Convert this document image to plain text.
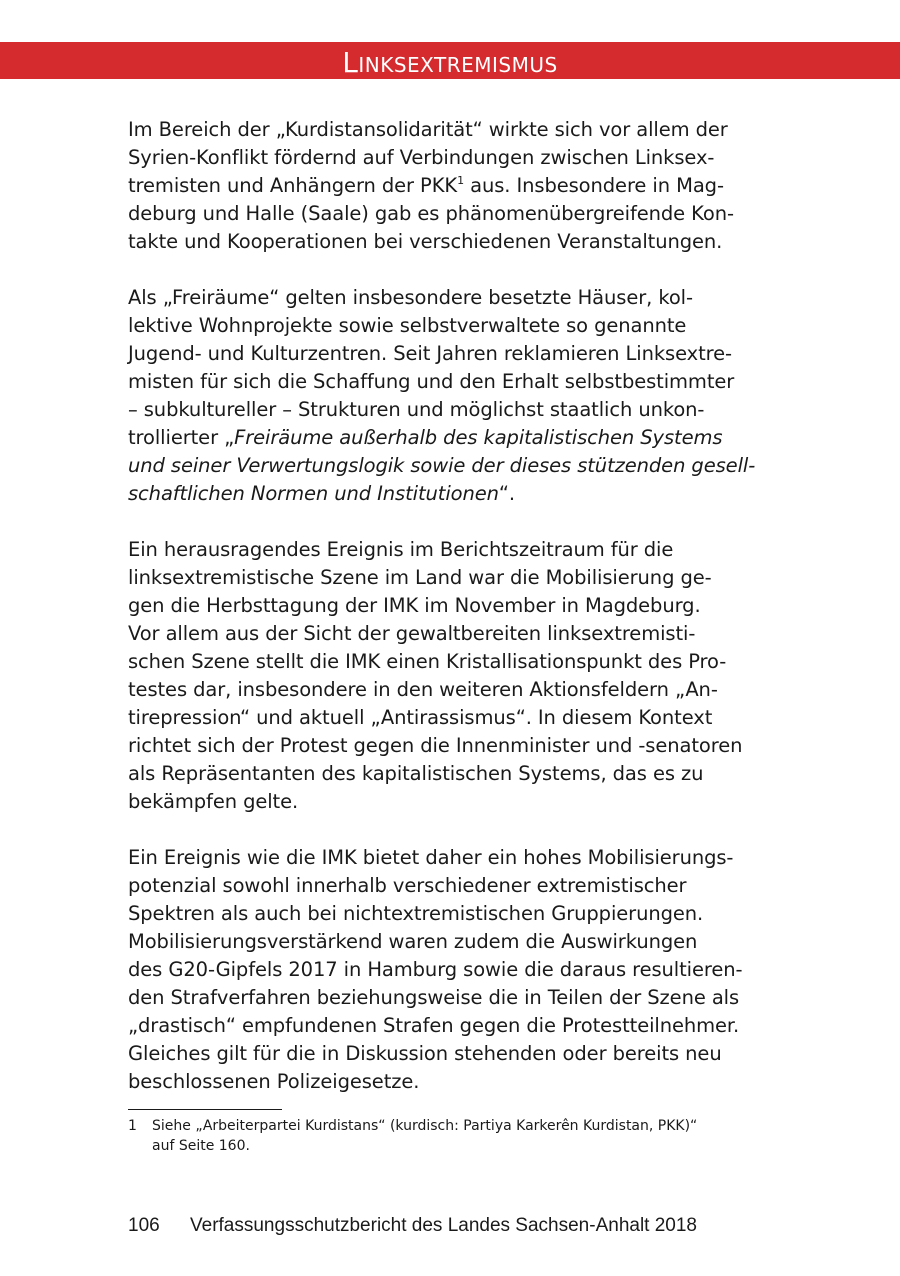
Linksextremismus

Im Bereich der „Kurdistansolidarität“ wirkte sich vor allem der
Syrien-Konflikt fördernd auf Verbindungen zwischen Linksex-
tremisten und Anhängern der PKK$^1$ aus. Insbesondere in Mag-
deburg und Halle (Saale) gab es phänomenübergreifende Kon-
takte und Kooperationen bei verschiedenen Veranstaltungen.

Als „Freiräume“ gelten insbesondere besetzte Häuser, kol-
lektive Wohnprojekte sowie selbstverwaltete so genannte
Jugend- und Kulturzentren. Seit Jahren reklamieren Linksextre-
misten für sich die Schaffung und den Erhalt selbstbestimmter
– subkultureller – Strukturen und möglichst staatlich unkon-
trollierter „Freiräume außerhalb des kapitalistischen Systems
und seiner Verwertungslogik sowie der dieses stützenden gesell-
schaftlichen Normen und Institutionen“.

Ein herausragendes Ereignis im Berichtszeitraum für die
linksextremistische Szene im Land war die Mobilisierung ge-
gen die Herbsttagung der IMK im November in Magdeburg.
Vor allem aus der Sicht der gewaltbereiten linksextremisti-
schen Szene stellt die IMK einen Kristallisationspunkt des Pro-
testes dar, insbesondere in den weiteren Aktionsfeldern „An-
tirepression“ und aktuell „Antirassismus“. In diesem Kontext
richtet sich der Protest gegen die Innenminister und -senatoren
als Repräsentanten des kapitalistischen Systems, das es zu
bekämpfen gelte.

Ein Ereignis wie die IMK bietet daher ein hohes Mobilisierungs-
potenzial sowohl innerhalb verschiedener extremistischer
Spektren als auch bei nichtextremistischen Gruppierungen.
Mobilisierungsverstärkend waren zudem die Auswirkungen
des G20-Gipfels 2017 in Hamburg sowie die daraus resultieren-
den Strafverfahren beziehungsweise die in Teilen der Szene als
„drastisch“ empfundenen Strafen gegen die Protestteilnehmer.
Gleiches gilt für die in Diskussion stehenden oder bereits neu
beschlossenen Polizeigesetze.

1 Siehe „Arbeiterpartei Kurdistans“ (kurdisch: Partiya Karkerên Kurdistan, PKK)“
auf Seite 160.
106 Verfassungsschutzbericht des Landes Sachsen-Anhalt 2018
